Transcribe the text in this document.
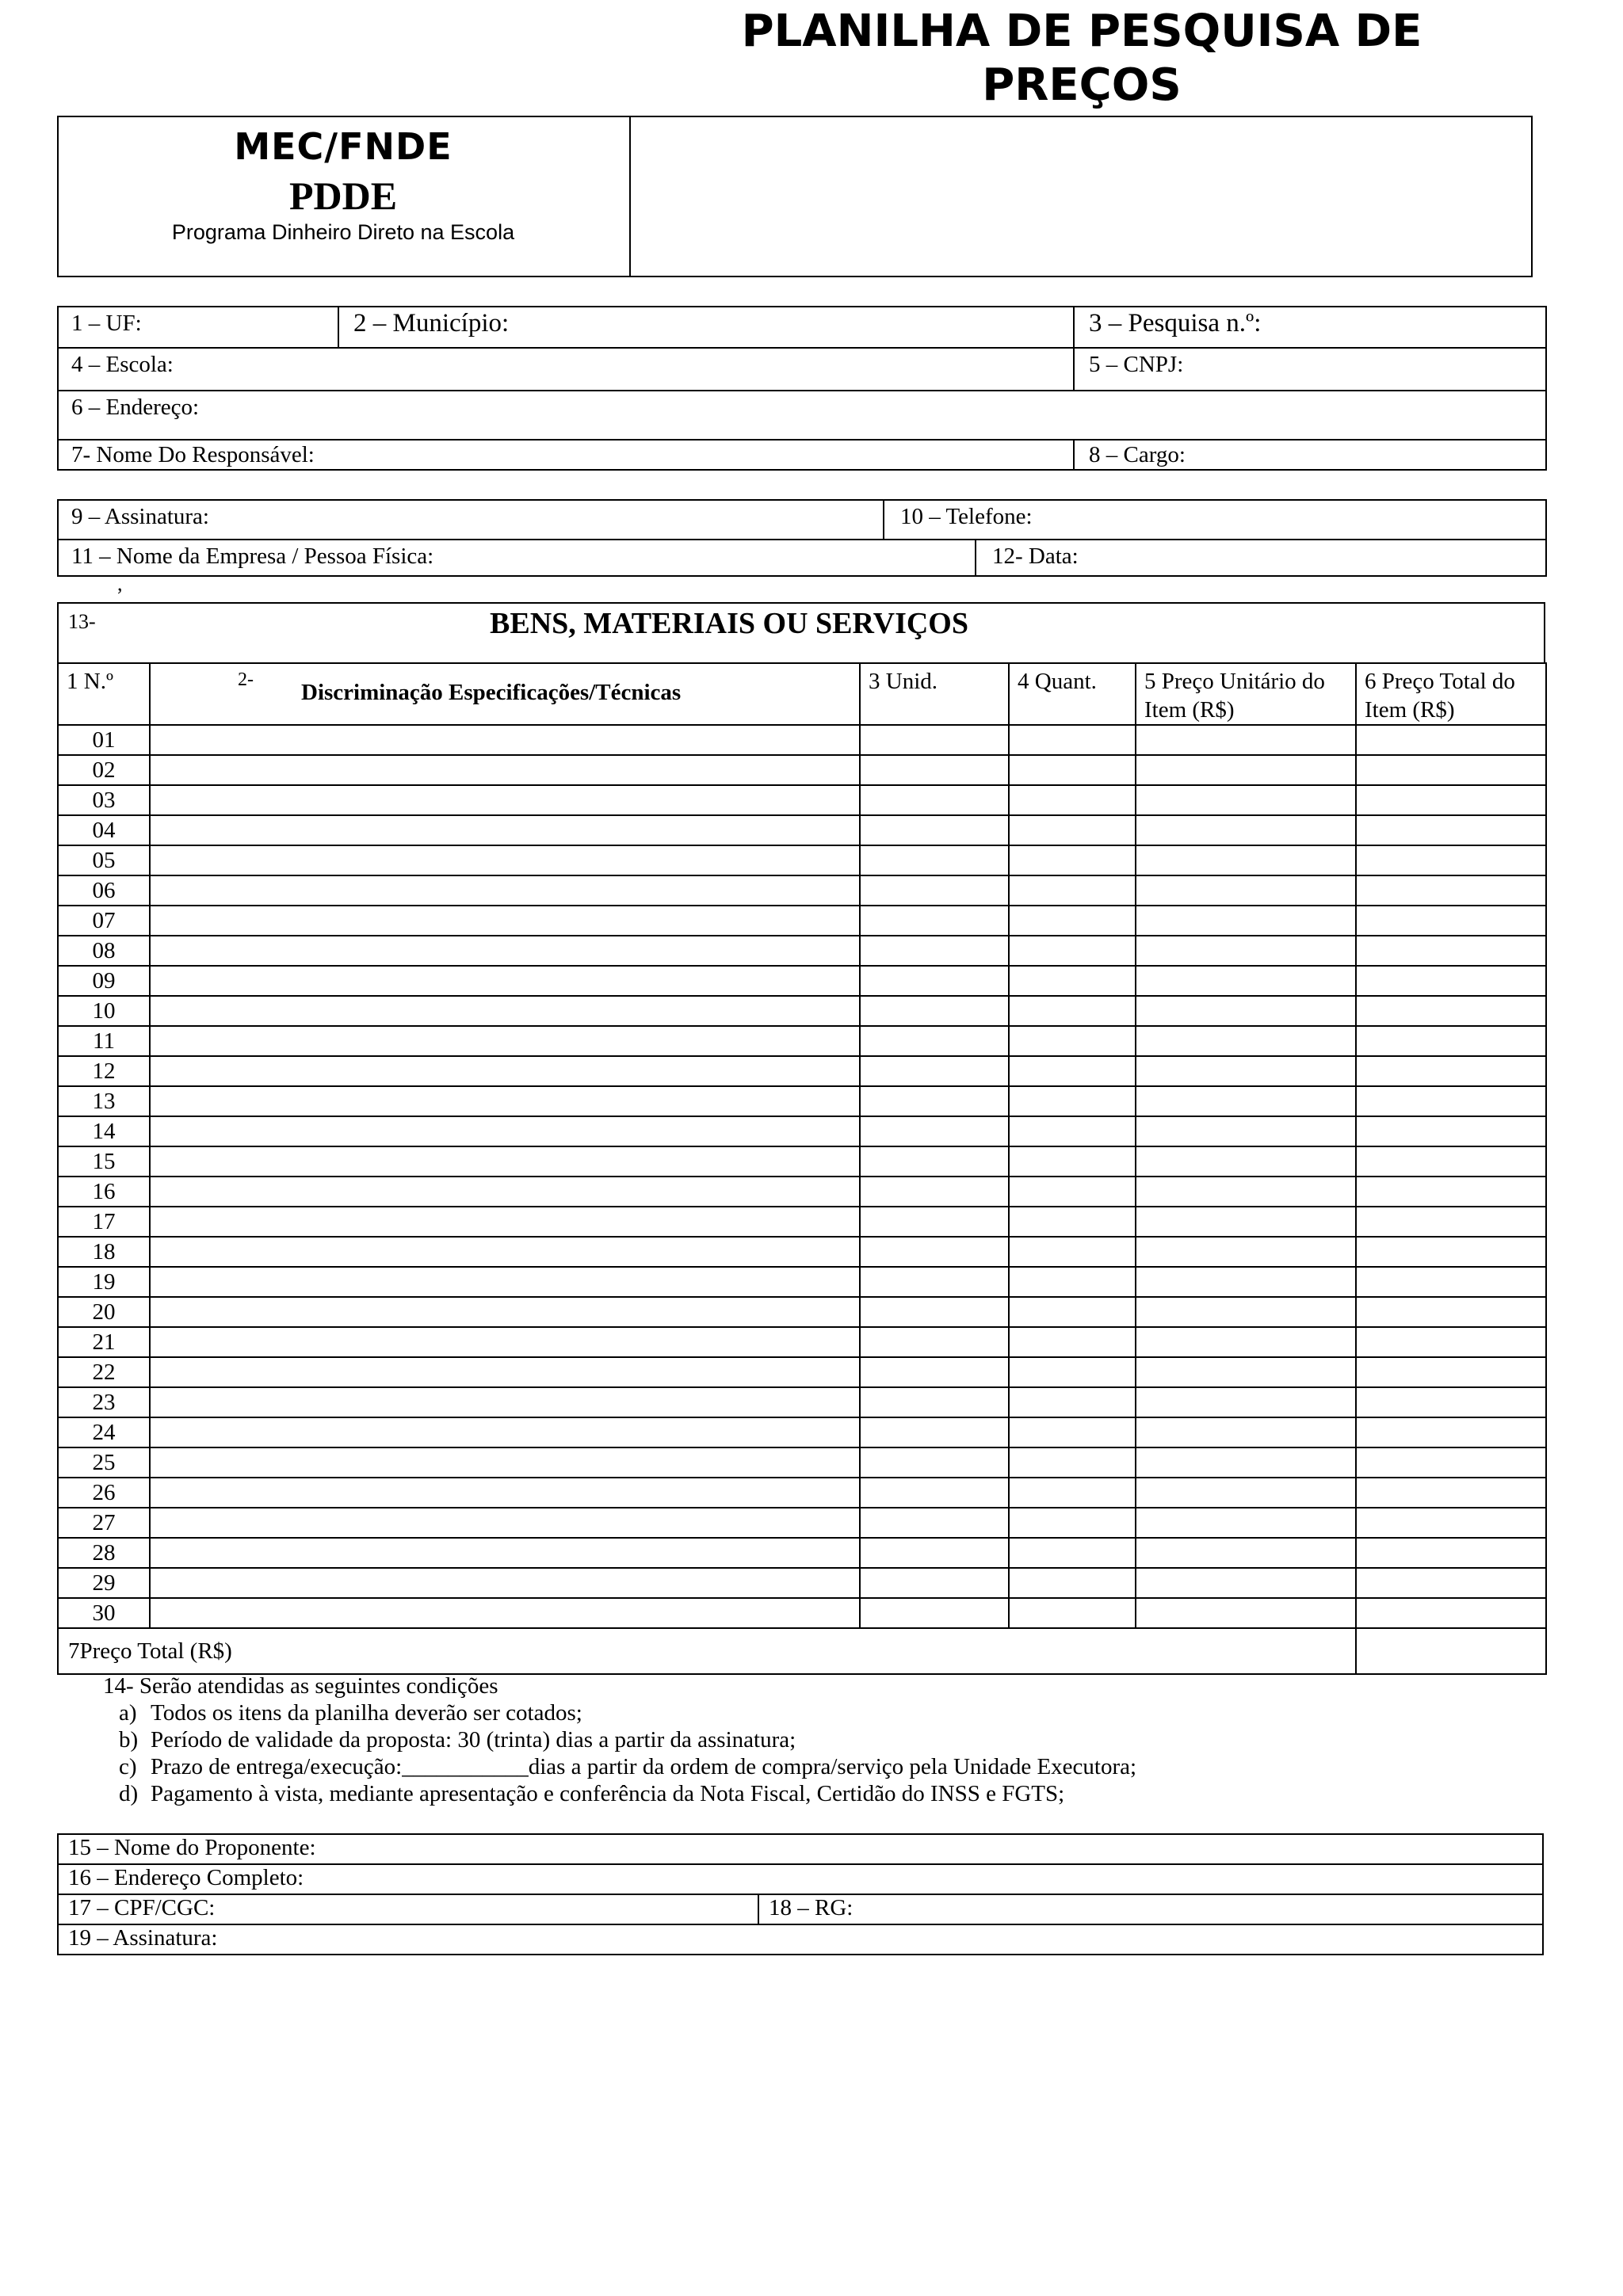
MEC/FNDE
PDDE
Programa Dinheiro Direto na Escola
PLANILHA DE PESQUISA DE
PREÇOS
1 – UF:	2 – Município:	3 – Pesquisa n.º:
4 – Escola:	5 – CNPJ:
6 – Endereço:
7- Nome Do Responsável:	8 – Cargo:
9 – Assinatura:	10 – Telefone:
11 – Nome da Empresa / Pessoa Física:	12- Data:
,
13-	BENS, MATERIAIS OU SERVIÇOS
1 N.º	2- Discriminação Especificações/Técnicas	3 Unid.	4 Quant.	5 Preço Unitário do Item (R$)	6 Preço Total do Item (R$)
01					
02					
03					
04					
05					
06					
07					
08					
09					
10					
11					
12					
13					
14					
15					
16					
17					
18					
19					
20					
21					
22					
23					
24					
25					
26					
27					
28					
29					
30					
7Preço Total (R$)					
14- Serão atendidas as seguintes condições
a) Todos os itens da planilha deverão ser cotados;
b) Período de validade da proposta: 30 (trinta) dias a partir da assinatura;
c) Prazo de entrega/execução:___________dias a partir da ordem de compra/serviço pela Unidade Executora;
d) Pagamento à vista, mediante apresentação e conferência da Nota Fiscal, Certidão do INSS e FGTS;
15 – Nome do Proponente:
16 – Endereço Completo:
17 – CPF/CGC:	18 – RG:
19 – Assinatura:
